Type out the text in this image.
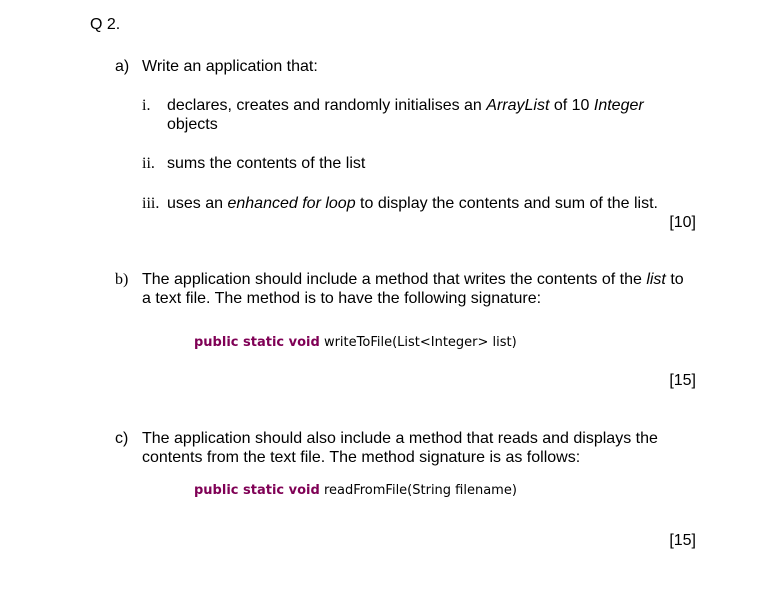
Q 2.
a) Write an application that:
i. declares, creates and randomly initialises an ArrayList of 10 Integer
objects
ii. sums the contents of the list
iii. uses an enhanced for loop to display the contents and sum of the list.
[10]
b) The application should include a method that writes the contents of the list to
a text file. The method is to have the following signature:
public static void writeToFile(List<Integer> list)
[15]
c) The application should also include a method that reads and displays the
contents from the text file. The method signature is as follows:
public static void readFromFile(String filename)
[15]
